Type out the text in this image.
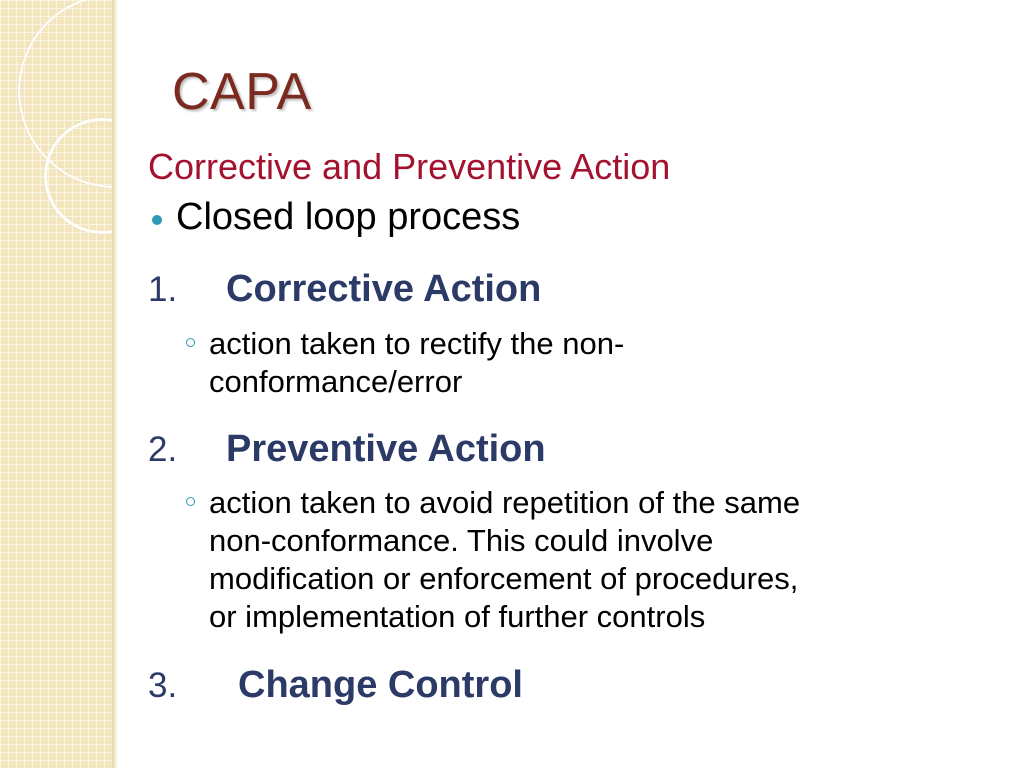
CAPA
Corrective and Preventive Action
Closed loop process
1.	Corrective Action
action taken to rectify the non-
conformance/error
2.	Preventive Action
action taken to avoid repetition of the same
non-conformance. This could involve
modification or enforcement of procedures,
or implementation of further controls
3.	Change Control
